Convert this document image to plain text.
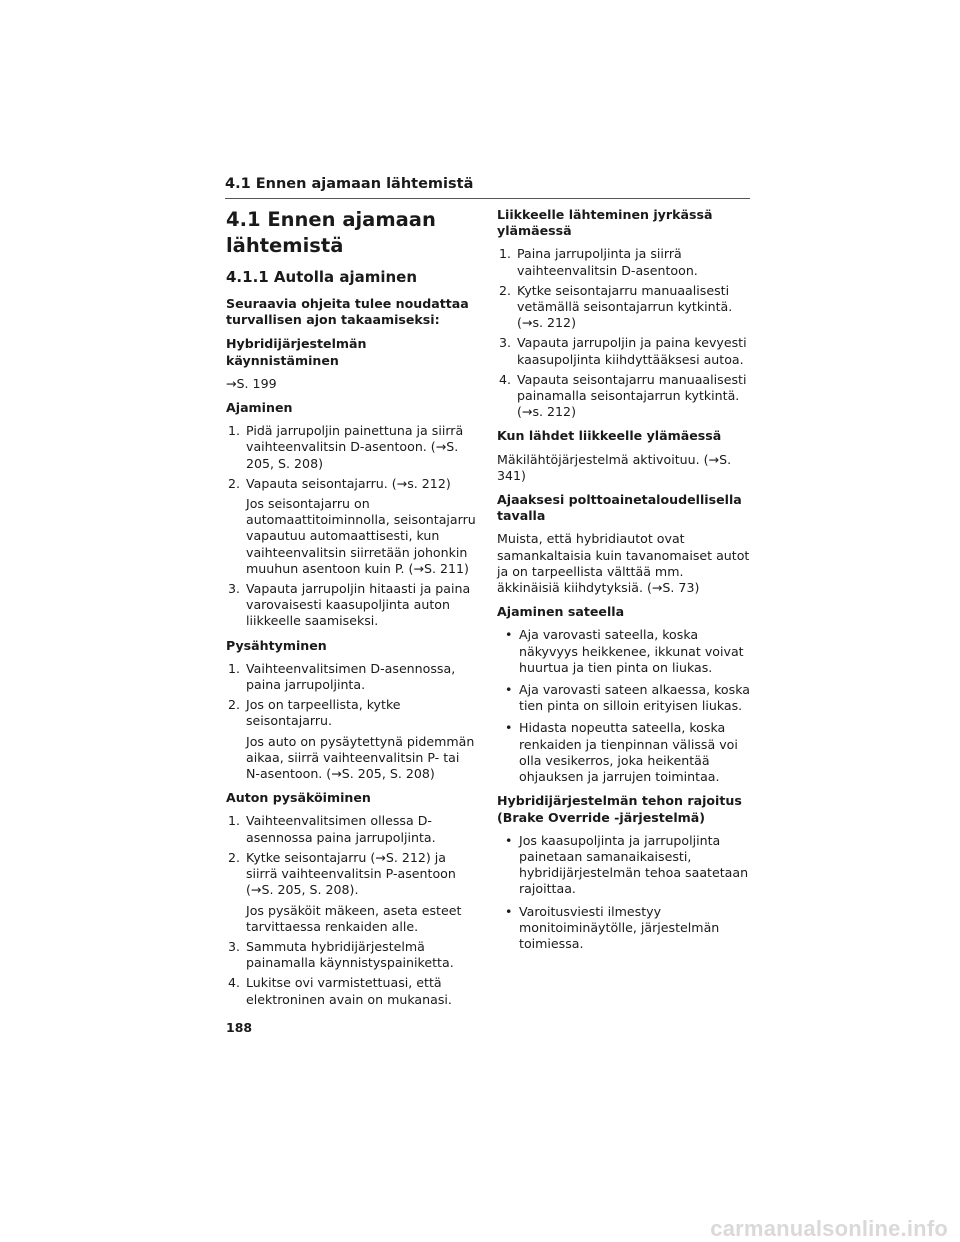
4.1 Ennen ajamaan lähtemistä
4.1 Ennen ajamaan
lähtemistä
4.1.1 Autolla ajaminen
Seuraavia ohjeita tulee noudattaa turvallisen ajon takaamiseksi:
Hybridijärjestelmän käynnistäminen
→S. 199
Ajaminen
1. Pidä jarrupoljin painettuna ja siirrä vaihteenvalitsin D-asentoon. (→S. 205, S. 208)
2. Vapauta seisontajarru. (→s. 212)
Jos seisontajarru on automaattitoiminnolla, seisontajarru vapautuu automaattisesti, kun vaihteenvalitsin siirretään johonkin muuhun asentoon kuin P. (→S. 211)
3. Vapauta jarrupoljin hitaasti ja paina varovaisesti kaasupoljinta auton liikkeelle saamiseksi.
Pysähtyminen
1. Vaihteenvalitsimen D-asennossa, paina jarrupoljinta.
2. Jos on tarpeellista, kytke seisontajarru.
Jos auto on pysäytettynä pidemmän aikaa, siirrä vaihteenvalitsin P- tai N-asentoon. (→S. 205, S. 208)
Auton pysäköiminen
1. Vaihteenvalitsimen ollessa D-asennossa paina jarrupoljinta.
2. Kytke seisontajarru (→S. 212) ja siirrä vaihteenvalitsin P-asentoon (→S. 205, S. 208).
Jos pysäköit mäkeen, aseta esteet tarvittaessa renkaiden alle.
3. Sammuta hybridijärjestelmä painamalla käynnistyspainiketta.
4. Lukitse ovi varmistettuasi, että elektroninen avain on mukanasi.
Liikkeelle lähteminen jyrkässä ylämäessä
1. Paina jarrupoljinta ja siirrä vaihteenvalitsin D-asentoon.
2. Kytke seisontajarru manuaalisesti vetämällä seisontajarrun kytkintä. (→s. 212)
3. Vapauta jarrupoljin ja paina kevyesti kaasupoljinta kiihdyttääksesi autoa.
4. Vapauta seisontajarru manuaalisesti painamalla seisontajarrun kytkintä. (→s. 212)
Kun lähdet liikkeelle ylämäessä
Mäkilähtöjärjestelmä aktivoituu. (→S. 341)
Ajaaksesi polttoainetaloudellisella tavalla
Muista, että hybridiautot ovat samankaltaisia kuin tavanomaiset autot ja on tarpeellista välttää mm. äkkinäisiä kiihdytyksiä. (→S. 73)
Ajaminen sateella
• Aja varovasti sateella, koska näkyvyys heikkenee, ikkunat voivat huurtua ja tien pinta on liukas.
• Aja varovasti sateen alkaessa, koska tien pinta on silloin erityisen liukas.
• Hidasta nopeutta sateella, koska renkaiden ja tienpinnan välissä voi olla vesikerros, joka heikentää ohjauksen ja jarrujen toimintaa.
Hybridijärjestelmän tehon rajoitus (Brake Override -järjestelmä)
• Jos kaasupoljinta ja jarrupoljinta painetaan samanaikaisesti, hybridijärjestelmän tehoa saatetaan rajoittaa.
• Varoitusviesti ilmestyy monitoiminäytölle, järjestelmän toimiessa.
188
carmanualsonline.info
